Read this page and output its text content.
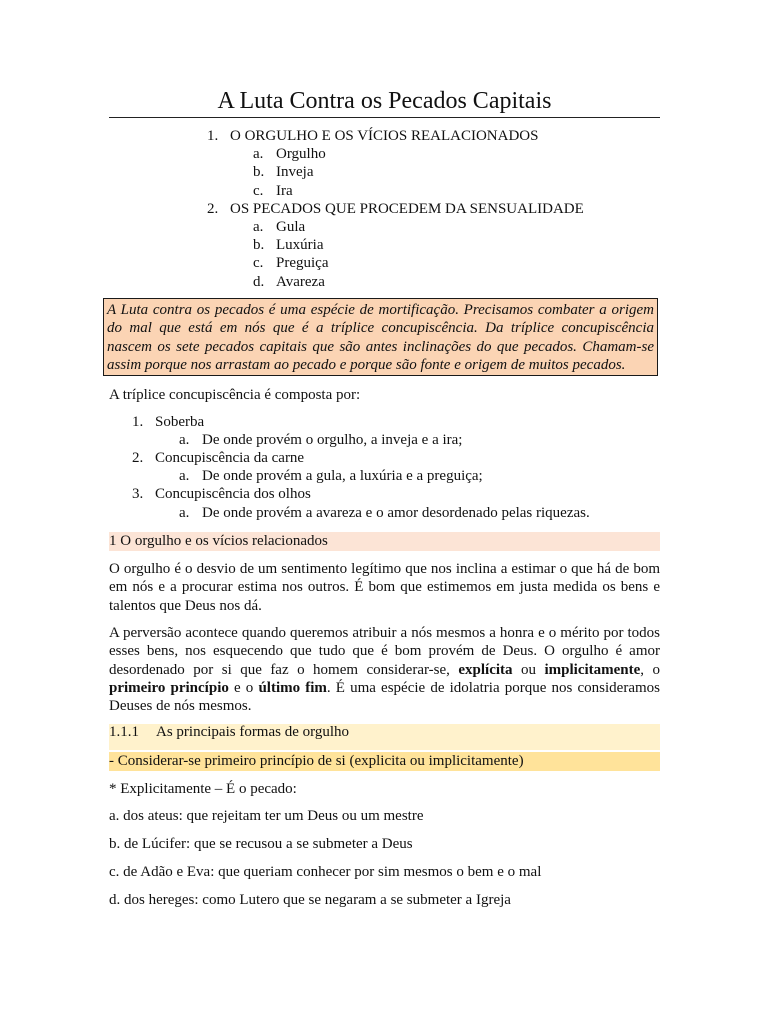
A Luta Contra os Pecados Capitais
1. O ORGULHO E OS VÍCIOS REALACIONADOS
a. Orgulho
b. Inveja
c. Ira
2. OS PECADOS QUE PROCEDEM DA SENSUALIDADE
a. Gula
b. Luxúria
c. Preguiça
d. Avareza
A Luta contra os pecados é uma espécie de mortificação. Precisamos combater a origem do mal que está em nós que é a tríplice concupiscência. Da tríplice concupiscência nascem os sete pecados capitais que são antes inclinações do que pecados. Chamam-se assim porque nos arrastam ao pecado e porque são fonte e origem de muitos pecados.

A tríplice concupiscência é composta por:

1. Soberba
a. De onde provém o orgulho, a inveja e a ira;
2. Concupiscência da carne
a. De onde provém a gula, a luxúria e a preguiça;
3. Concupiscência dos olhos
a. De onde provém a avareza e o amor desordenado pelas riquezas.
1 O orgulho e os vícios relacionados

O orgulho é o desvio de um sentimento legítimo que nos inclina a estimar o que há de bom em nós e a procurar estima nos outros. É bom que estimemos em justa medida os bens e talentos que Deus nos dá.

A perversão acontece quando queremos atribuir a nós mesmos a honra e o mérito por todos esses bens, nos esquecendo que tudo que é bom provém de Deus. O orgulho é amor desordenado por si que faz o homem considerar-se, explícita ou implicitamente, o primeiro princípio e o último fim. É uma espécie de idolatria porque nos consideramos Deuses de nós mesmos.

1.1.1 As principais formas de orgulho
- Considerar-se primeiro princípio de si (explicita ou implicitamente)
* Explicitamente – É o pecado:
a. dos ateus: que rejeitam ter um Deus ou um mestre
b. de Lúcifer: que se recusou a se submeter a Deus
c. de Adão e Eva: que queriam conhecer por sim mesmos o bem e o mal
d. dos hereges: como Lutero que se negaram a se submeter a Igreja
